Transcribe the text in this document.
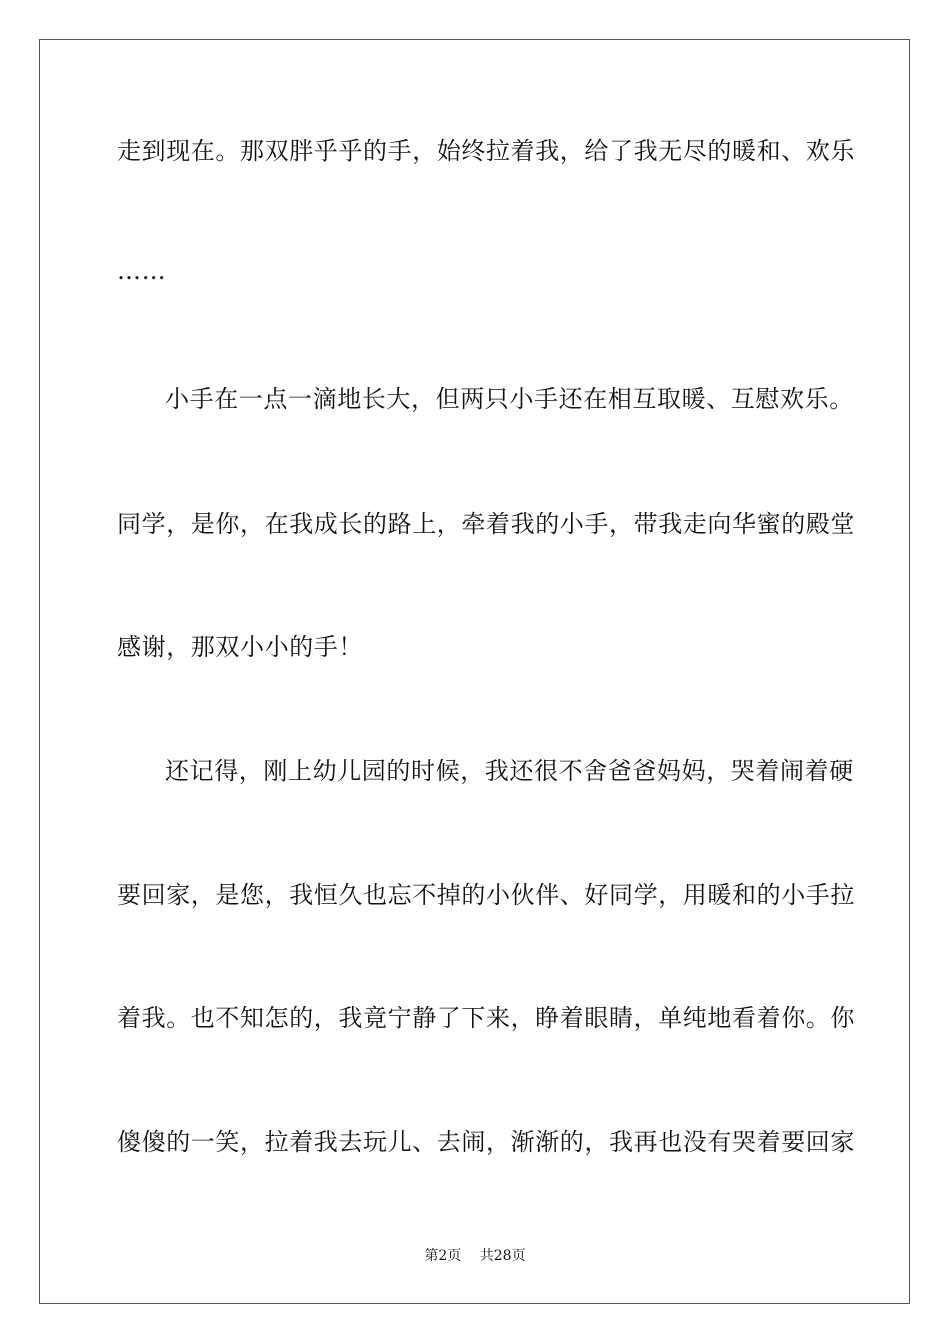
走到现在。那双胖乎乎的手，始终拉着我，给了我无尽的暖和、欢乐
……
小手在一点一滴地长大，但两只小手还在相互取暖、互慰欢乐。
同学，是你，在我成长的路上，牵着我的小手，带我走向华蜜的殿堂
感谢，那双小小的手！
还记得，刚上幼儿园的时候，我还很不舍爸爸妈妈，哭着闹着硬
要回家，是您，我恒久也忘不掉的小伙伴、好同学，用暖和的小手拉
着我。也不知怎的，我竟宁静了下来，睁着眼睛，单纯地看着你。你
傻傻的一笑，拉着我去玩儿、去闹，渐渐的，我再也没有哭着要回家
第2页 共28页
